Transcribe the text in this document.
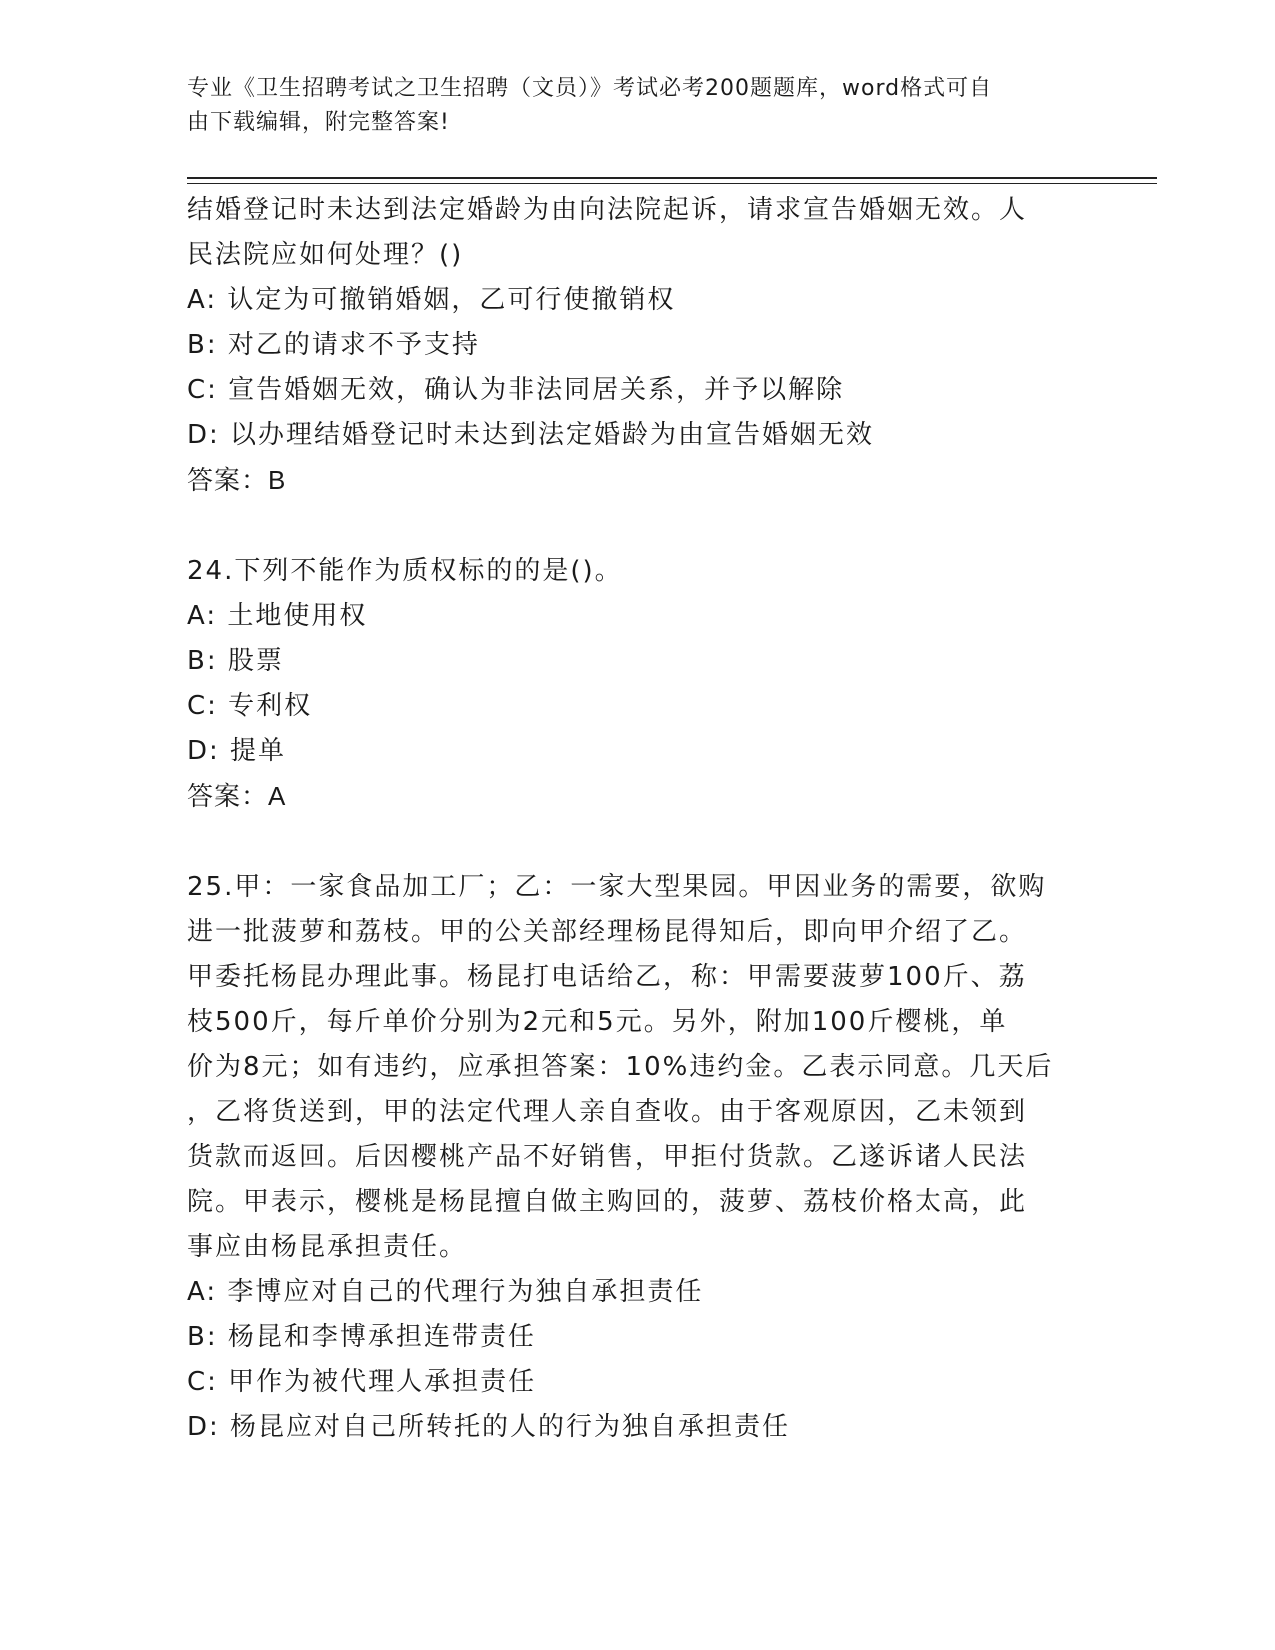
专业《卫生招聘考试之卫生招聘（文员）》考试必考200题题库，word格式可自
由下载编辑，附完整答案!
结婚登记时未达到法定婚龄为由向法院起诉，请求宣告婚姻无效。人
民法院应如何处理？()
A: 认定为可撤销婚姻，乙可行使撤销权
B: 对乙的请求不予支持
C: 宣告婚姻无效，确认为非法同居关系，并予以解除
D: 以办理结婚登记时未达到法定婚龄为由宣告婚姻无效
答案：B
24.下列不能作为质权标的的是()。
A: 土地使用权
B: 股票
C: 专利权
D: 提单
答案：A
25.甲：一家食品加工厂；乙：一家大型果园。甲因业务的需要，欲购
进一批菠萝和荔枝。甲的公关部经理杨昆得知后，即向甲介绍了乙。
甲委托杨昆办理此事。杨昆打电话给乙，称：甲需要菠萝100斤、荔
枝500斤，每斤单价分别为2元和5元。另外，附加100斤樱桃，单
价为8元；如有违约，应承担答案：10%违约金。乙表示同意。几天后
，乙将货送到，甲的法定代理人亲自查收。由于客观原因，乙未领到
货款而返回。后因樱桃产品不好销售，甲拒付货款。乙遂诉诸人民法
院。甲表示，樱桃是杨昆擅自做主购回的，菠萝、荔枝价格太高，此
事应由杨昆承担责任。
A: 李博应对自己的代理行为独自承担责任
B: 杨昆和李博承担连带责任
C: 甲作为被代理人承担责任
D: 杨昆应对自己所转托的人的行为独自承担责任
